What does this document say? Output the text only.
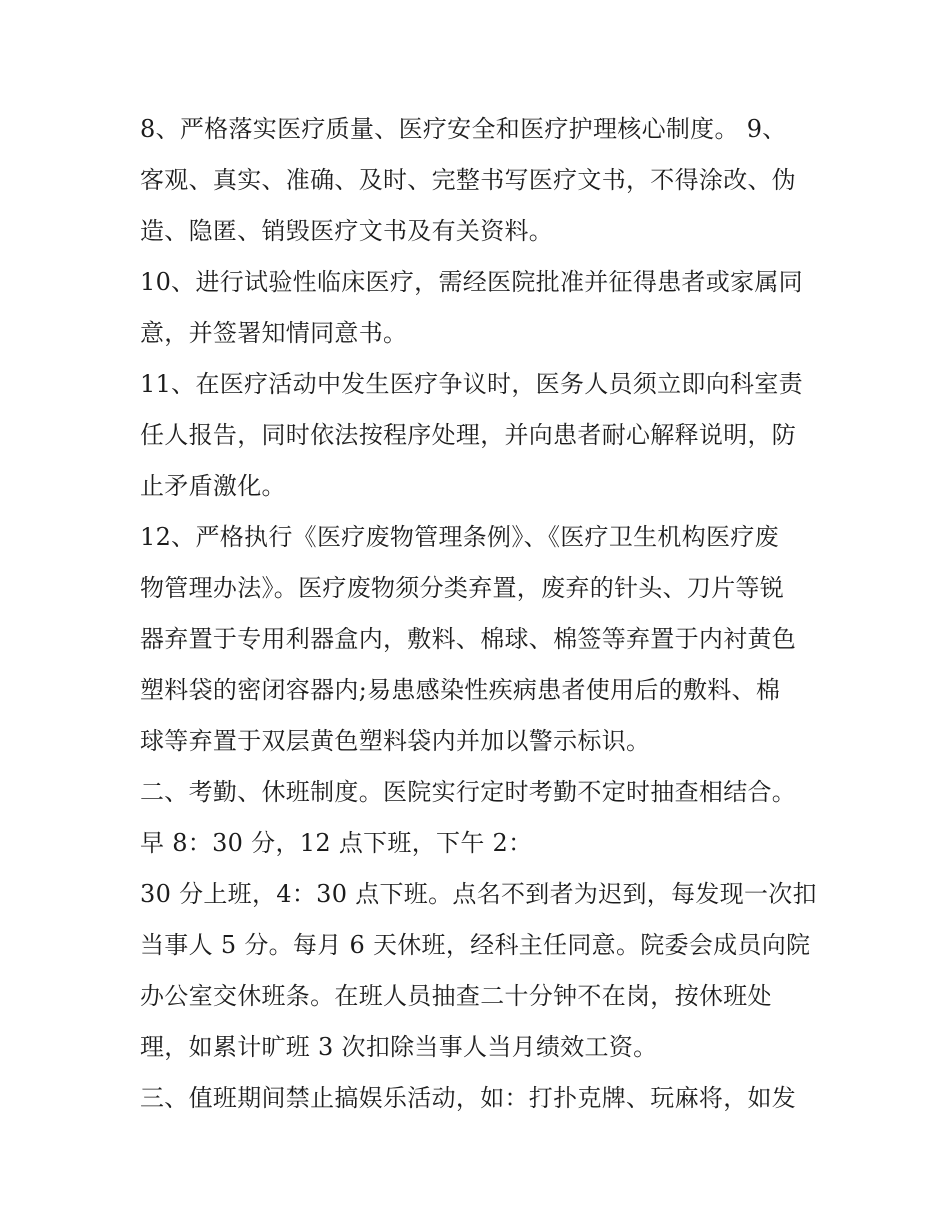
8、严格落实医疗质量、医疗安全和医疗护理核心制度。 9、
客观、真实、准确、及时、完整书写医疗文书，不得涂改、伪
造、隐匿、销毁医疗文书及有关资料。
10、进行试验性临床医疗，需经医院批准并征得患者或家属同
意，并签署知情同意书。
11、在医疗活动中发生医疗争议时，医务人员须立即向科室责
任人报告，同时依法按程序处理，并向患者耐心解释说明，防
止矛盾激化。
12、严格执行《医疗废物管理条例》、《医疗卫生机构医疗废
物管理办法》。医疗废物须分类弃置，废弃的针头、刀片等锐
器弃置于专用利器盒内，敷料、棉球、棉签等弃置于内衬黄色
塑料袋的密闭容器内;易患感染性疾病患者使用后的敷料、棉
球等弃置于双层黄色塑料袋内并加以警示标识。
二、考勤、休班制度。医院实行定时考勤不定时抽查相结合。
早 8：30 分，12 点下班，下午 2：
30 分上班，4：30 点下班。点名不到者为迟到，每发现一次扣
当事人 5 分。每月 6 天休班，经科主任同意。院委会成员向院
办公室交休班条。在班人员抽查二十分钟不在岗，按休班处
理，如累计旷班 3 次扣除当事人当月绩效工资。
三、值班期间禁止搞娱乐活动，如：打扑克牌、玩麻将，如发
